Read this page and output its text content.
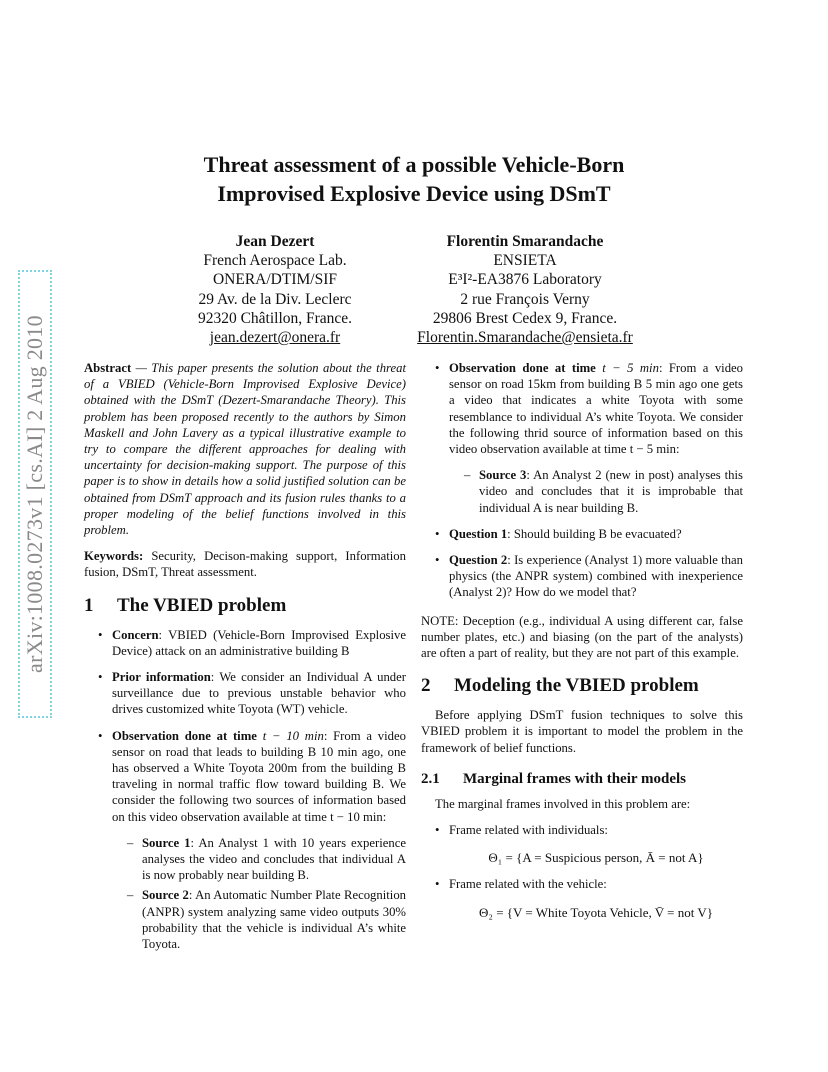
arXiv:1008.0273v1 [cs.AI] 2 Aug 2010
Threat assessment of a possible Vehicle-Born
Improvised Explosive Device using DSmT
Jean Dezert
French Aerospace Lab.
ONERA/DTIM/SIF
29 Av. de la Div. Leclerc
92320 Châtillon, France.
jean.dezert@onera.fr
Florentin Smarandache
ENSIETA
E³I²-EA3876 Laboratory
2 rue François Verny
29806 Brest Cedex 9, France.
Florentin.Smarandache@ensieta.fr

Abstract — This paper presents the solution about the threat of a VBIED (Vehicle-Born Improvised Explosive Device) obtained with the DSmT (Dezert-Smarandache Theory). This problem has been proposed recently to the authors by Simon Maskell and John Lavery as a typical illustrative example to try to compare the different approaches for dealing with uncertainty for decision-making support. The purpose of this paper is to show in details how a solid justified solution can be obtained from DSmT approach and its fusion rules thanks to a proper modeling of the belief functions involved in this problem.

Keywords: Security, Decison-making support, Information fusion, DSmT, Threat assessment.

1 The VBIED problem
• Concern: VBIED (Vehicle-Born Improvised Explosive Device) attack on an administrative building B
• Prior information: We consider an Individual A under surveillance due to previous unstable behavior who drives customized white Toyota (WT) vehicle.
• Observation done at time t − 10 min: From a video sensor on road that leads to building B 10 min ago, one has observed a White Toyota 200m from the building B traveling in normal traffic flow toward building B. We consider the following two sources of information based on this video observation available at time t − 10 min:
– Source 1: An Analyst 1 with 10 years experience analyses the video and concludes that individual A is now probably near building B.
– Source 2: An Automatic Number Plate Recognition (ANPR) system analyzing same video outputs 30% probability that the vehicle is individual A’s white Toyota.
• Observation done at time t − 5 min: From a video sensor on road 15km from building B 5 min ago one gets a video that indicates a white Toyota with some resemblance to individual A’s white Toyota. We consider the following thrid source of information based on this video observation available at time t − 5 min:
– Source 3: An Analyst 2 (new in post) analyses this video and concludes that it is improbable that individual A is near building B.
• Question 1: Should building B be evacuated?
• Question 2: Is experience (Analyst 1) more valuable than physics (the ANPR system) combined with inexperience (Analyst 2)? How do we model that?

NOTE: Deception (e.g., individual A using different car, false number plates, etc.) and biasing (on the part of the analysts) are often a part of reality, but they are not part of this example.

2 Modeling the VBIED problem

Before applying DSmT fusion techniques to solve this VBIED problem it is important to model the problem in the framework of belief functions.

2.1 Marginal frames with their models

The marginal frames involved in this problem are:

• Frame related with individuals:
Θ₁ = {A = Suspicious person, Ā = not A}
• Frame related with the vehicle:
Θ₂ = {V = White Toyota Vehicle, V̄ = not V}
